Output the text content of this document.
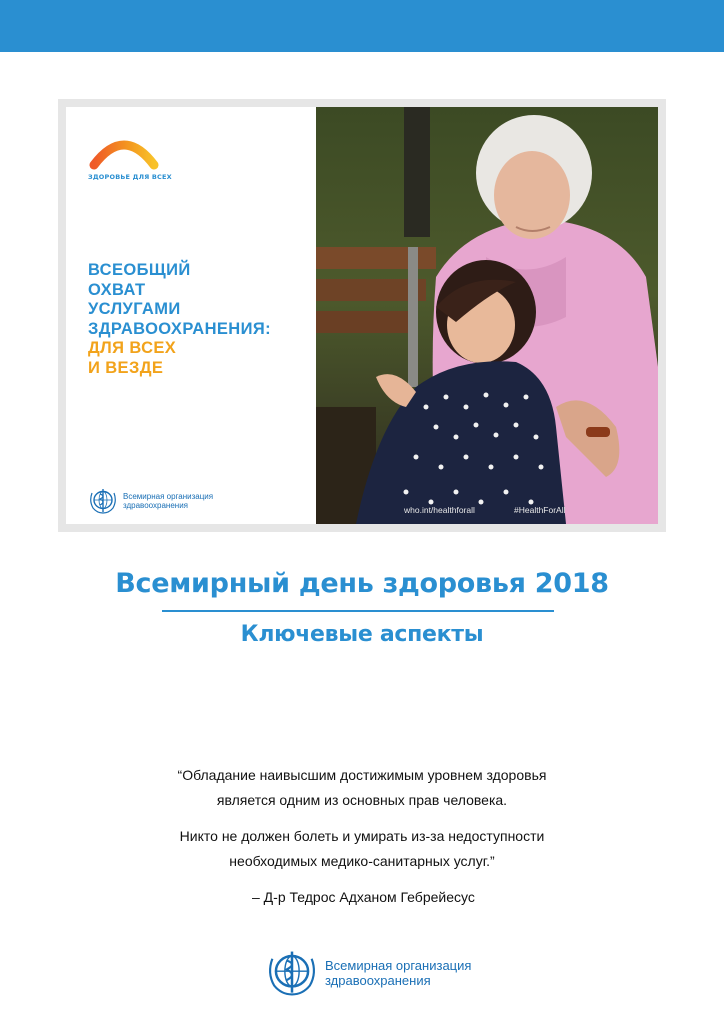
ЗДОРОВЬЕ ДЛЯ ВСЕХ
ВСЕОБЩИЙ
ОХВАТ
УСЛУГАМИ
ЗДРАВООХРАНЕНИЯ:
ДЛЯ ВСЕХ
И ВЕЗДЕ
Всемирная организация
здравоохранения	who.int/healthforall	#HealthForAll
Всемирный день здоровья 2018
Ключевые аспекты
“Обладание наивысшим достижимым уровнем здоровья
является одним из основных прав человека.
Никто не должен болеть и умирать из-за недоступности
необходимых медико-санитарных услуг.”
– Д-р Тедрос Адханом Гебрейесус
Всемирная организация
здравоохранения
